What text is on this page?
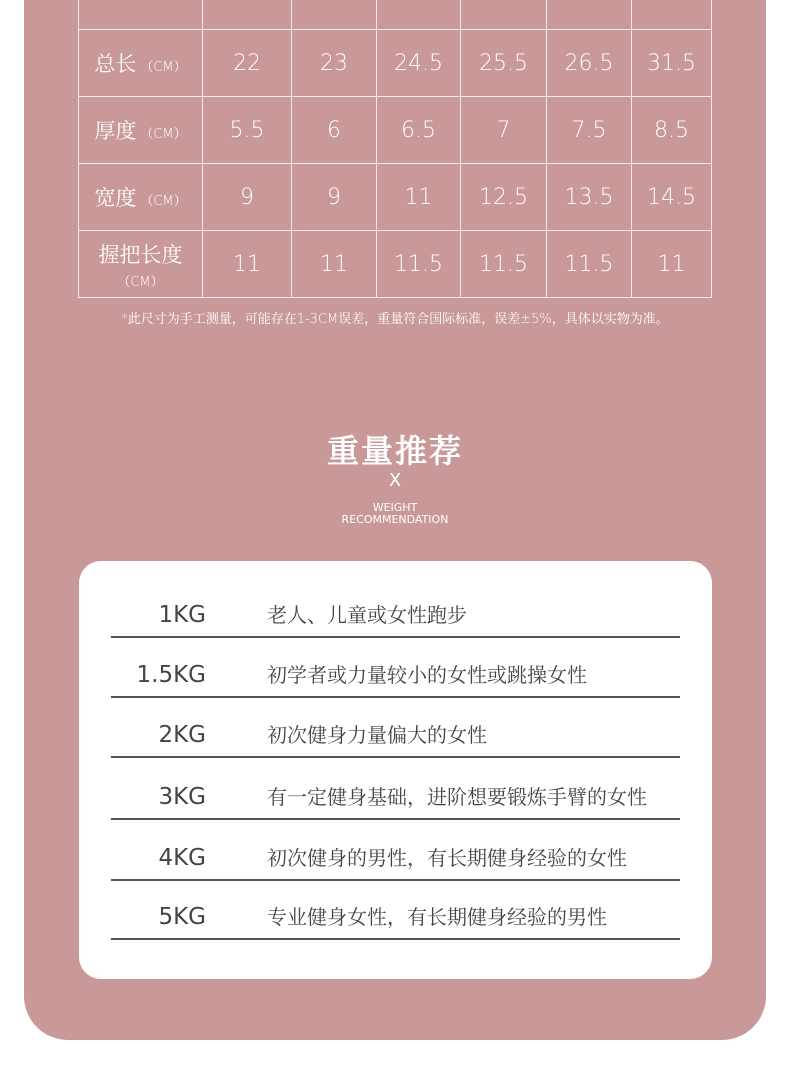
总长 （CM）	22	23	24.5	25.5	26.5	31.5
厚度 （CM）	5.5	6	6.5	7	7.5	8.5
宽度 （CM）	9	9	11	12.5	13.5	14.5
握把长度
（CM）	11	11	11.5	11.5	11.5	11
*此尺寸为手工测量，可能存在1-3CM误差，重量符合国际标准，误差±5%，具体以实物为准。
重量推荐
X
WEIGHT
RECOMMENDATION
1KG	老人、儿童或女性跑步
1.5KG	初学者或力量较小的女性或跳操女性
2KG	初次健身力量偏大的女性
3KG	有一定健身基础，进阶想要锻炼手臂的女性
4KG	初次健身的男性，有长期健身经验的女性
5KG	专业健身女性，有长期健身经验的男性
